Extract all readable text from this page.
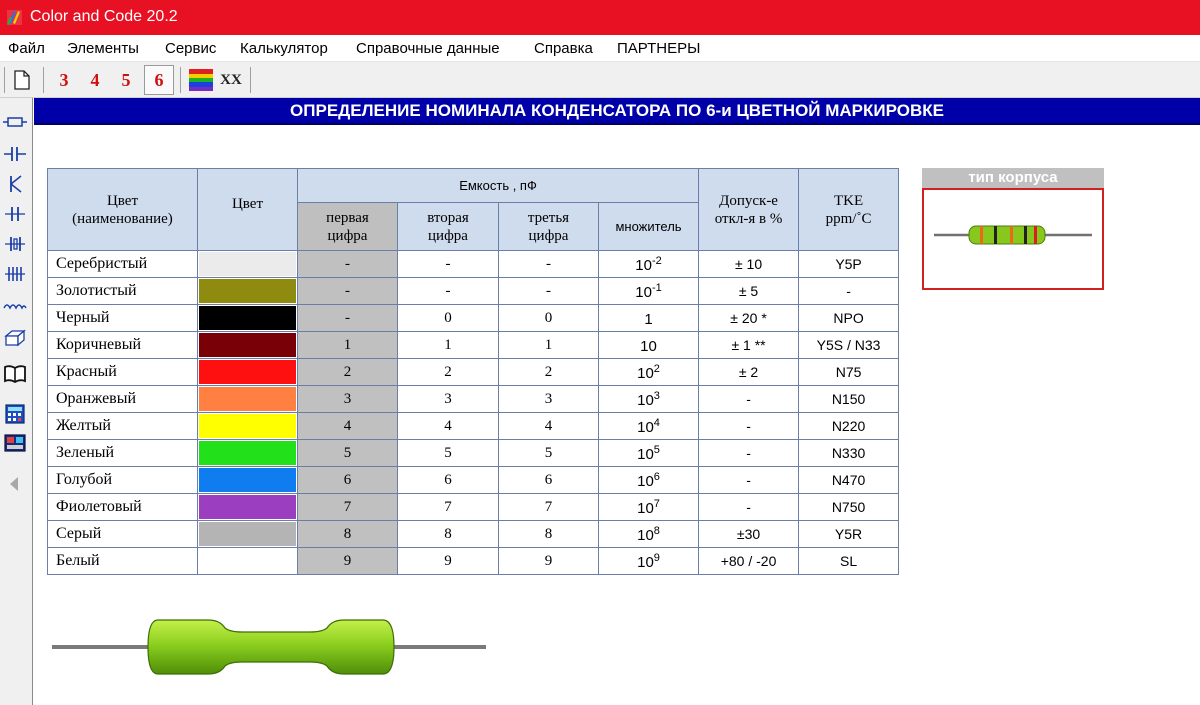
Color and Code 20.2
Файл Элементы Сервис Калькулятор Справочные данные Справка ПАРТНЕРЫ
3	4	5	6	XX
ОПРЕДЕЛЕНИЕ НОМИНАЛА КОНДЕНСАТОРА ПО 6-и ЦВЕТНОЙ МАРКИРОВКЕ
Цвет (наименование)	Цвет	Емкость , пФ				Допуск-е откл-я в %	TKE ppm/˚C
		первая цифра	вторая цифра	третья цифра	множитель		
Серебристый		-	-	-	$10^{-2}$	± 10	Y5P
Золотистый		-	-	-	$10^{-1}$	± 5	-
Черный		-	0	0	1	± 20 *	NPO
Коричневый		1	1	1	10	± 1 **	Y5S / N33
Красный		2	2	2	$10^2$	± 2	N75
Оранжевый		3	3	3	$10^3$	-	N150
Желтый		4	4	4	$10^4$	-	N220
Зеленый		5	5	5	$10^5$	-	N330
Голубой		6	6	6	$10^6$	-	N470
Фиолетовый		7	7	7	$10^7$	-	N750
Серый		8	8	8	$10^8$	±30	Y5R
Белый		9	9	9	$10^9$	+80 / -20	SL
тип корпуса
